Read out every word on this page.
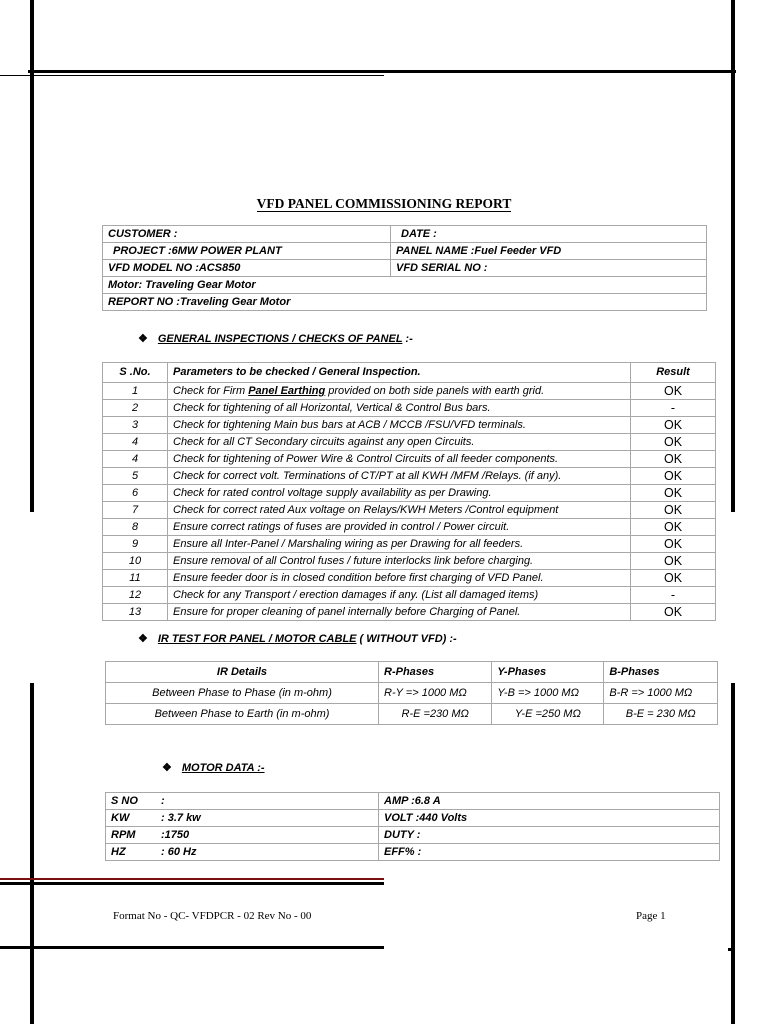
VFD PANEL COMMISSIONING REPORT
CUSTOMER :	DATE :
PROJECT :6MW POWER PLANT	PANEL NAME :Fuel Feeder VFD
VFD MODEL NO :ACS850	VFD SERIAL NO :
Motor: Traveling Gear Motor	
REPORT NO :Traveling Gear Motor	
❖ GENERAL INSPECTIONS / CHECKS OF PANEL :-
S .No.	Parameters to be checked / General Inspection.	Result
1	Check for Firm Panel Earthing provided on both side panels with earth grid.	OK
2	Check for tightening of all Horizontal, Vertical & Control Bus bars.	-
3	Check for tightening Main bus bars at ACB / MCCB /FSU/VFD terminals.	OK
4	Check for all CT Secondary circuits against any open Circuits.	OK
4	Check for tightening of Power Wire & Control Circuits of all feeder components.	OK
5	Check for correct volt. Terminations of CT/PT at all KWH /MFM /Relays. (if any).	OK
6	Check for rated control voltage supply availability as per Drawing.	OK
7	Check for correct rated Aux voltage on Relays/KWH Meters /Control equipment	OK
8	Ensure correct ratings of fuses are provided in control / Power circuit.	OK
9	Ensure all Inter-Panel / Marshaling wiring as per Drawing for all feeders.	OK
10	Ensure removal of all Control fuses / future interlocks link before charging.	OK
11	Ensure feeder door is in closed condition before first charging of VFD Panel.	OK
12	Check for any Transport / erection damages if any. (List all damaged items)	-
13	Ensure for proper cleaning of panel internally before Charging of Panel.	OK
❖ IR TEST FOR PANEL / MOTOR CABLE ( WITHOUT VFD) :-
IR Details	R-Phases	Y-Phases	B-Phases
Between Phase to Phase (in m-ohm)	R-Y => 1000 MΩ	Y-B => 1000 MΩ	B-R => 1000 MΩ
Between Phase to Earth (in m-ohm)	R-E =230 MΩ	Y-E =250 MΩ	B-E = 230 MΩ
❖ MOTOR DATA :-
S NO :	AMP :6.8 A
KW : 3.7 kw	VOLT :440 Volts
RPM :1750	DUTY :
HZ : 60 Hz	EFF% :
Format No - QC- VFDPCR - 02 Rev No - 00	Page 1
